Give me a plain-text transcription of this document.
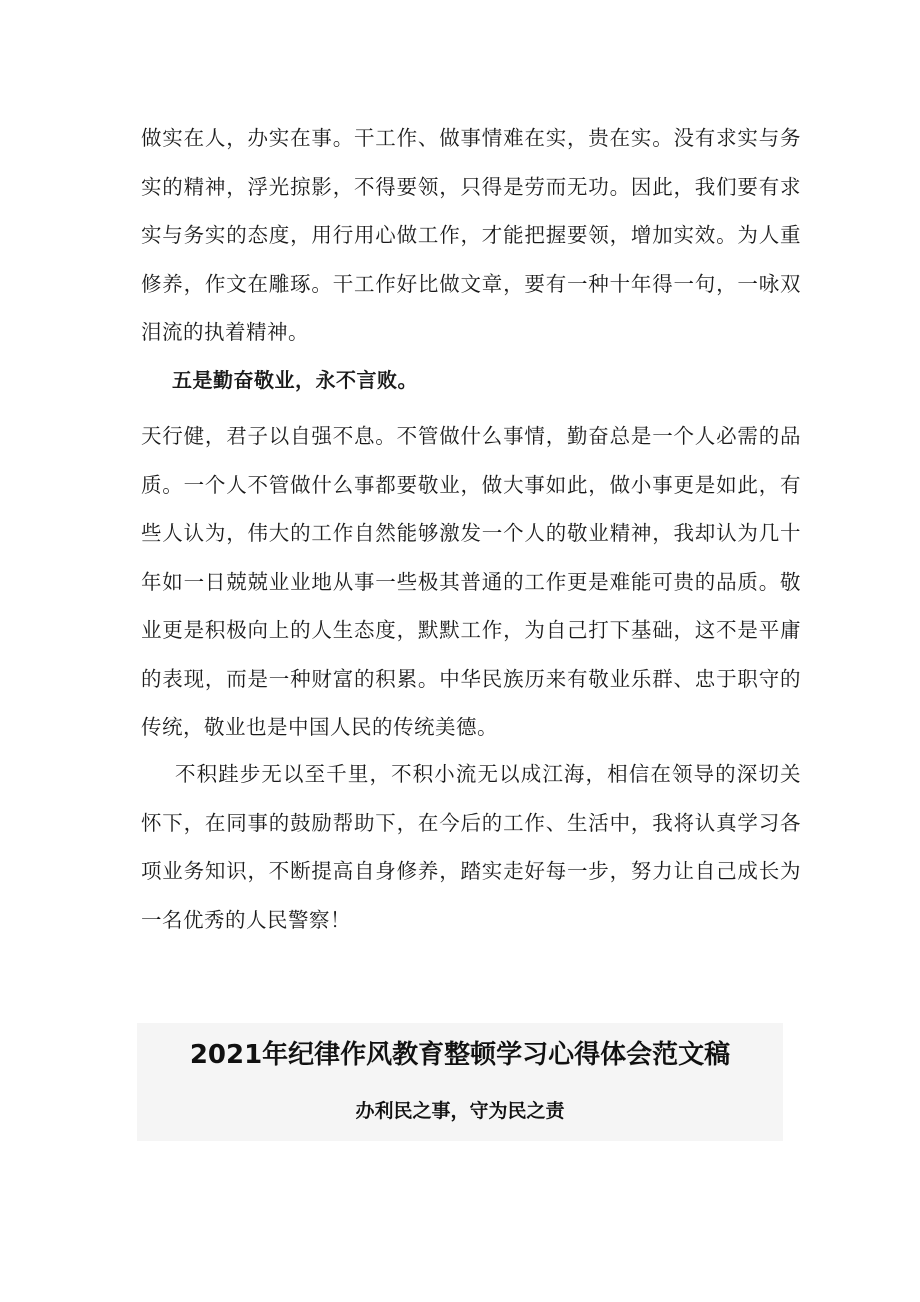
做实在人，办实在事。干工作、做事情难在实，贵在实。没有求实与务实的精神，浮光掠影，不得要领，只得是劳而无功。因此，我们要有求实与务实的态度，用行用心做工作，才能把握要领，增加实效。为人重修养，作文在雕琢。干工作好比做文章，要有一种十年得一句，一咏双泪流的执着精神。

五是勤奋敬业，永不言败。

天行健，君子以自强不息。不管做什么事情，勤奋总是一个人必需的品质。一个人不管做什么事都要敬业，做大事如此，做小事更是如此，有些人认为，伟大的工作自然能够激发一个人的敬业精神，我却认为几十年如一日兢兢业业地从事一些极其普通的工作更是难能可贵的品质。敬业更是积极向上的人生态度，默默工作，为自己打下基础，这不是平庸的表现，而是一种财富的积累。中华民族历来有敬业乐群、忠于职守的传统，敬业也是中国人民的传统美德。

不积跬步无以至千里，不积小流无以成江海，相信在领导的深切关怀下，在同事的鼓励帮助下，在今后的工作、生活中，我将认真学习各项业务知识，不断提高自身修养，踏实走好每一步，努力让自己成长为一名优秀的人民警察！

2021年纪律作风教育整顿学习心得体会范文稿
办利民之事，守为民之责
